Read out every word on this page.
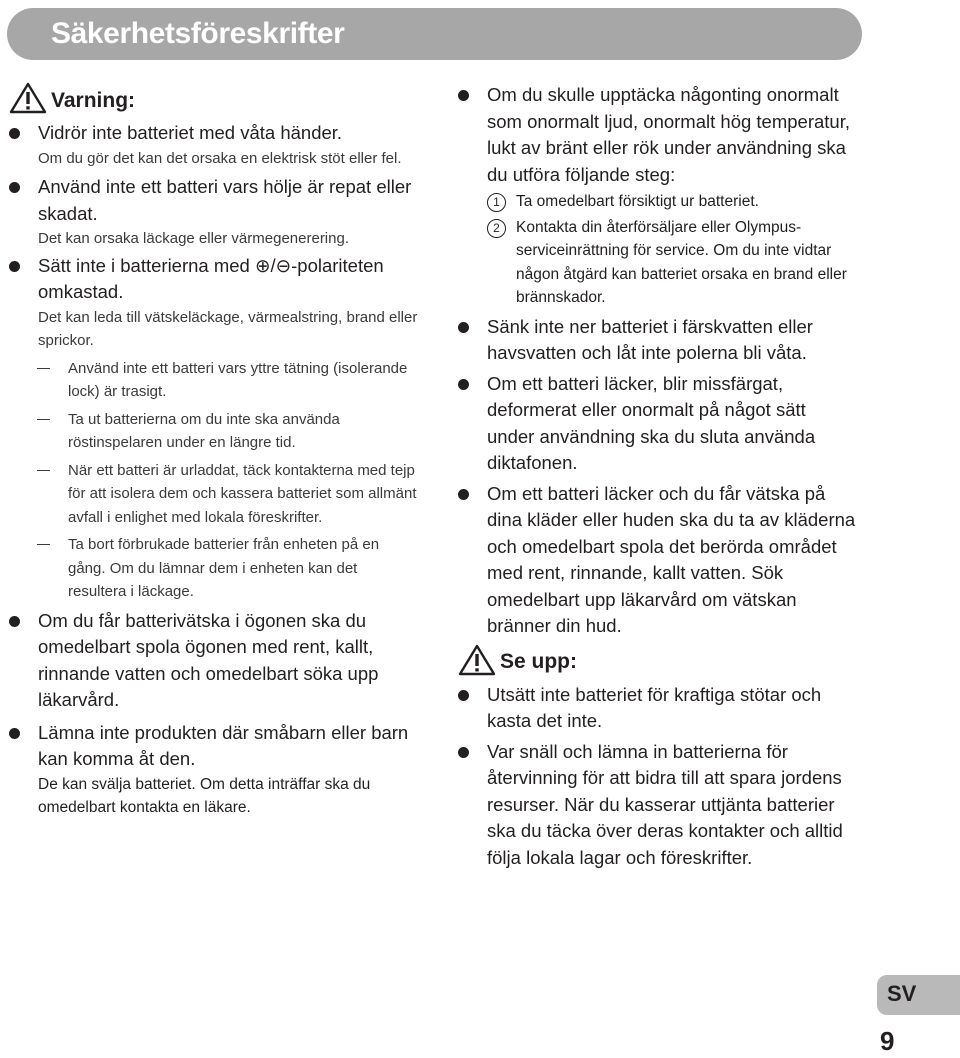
Säkerhetsföreskrifter
Varning:
Vidrör inte batteriet med våta händer.
Om du gör det kan det orsaka en elektrisk stöt eller fel.
Använd inte ett batteri vars hölje är repat eller skadat.
Det kan orsaka läckage eller värmegenerering.
Sätt inte i batterierna med ⊕/⊖-polariteten omkastad.
Det kan leda till vätskeläckage, värmealstring, brand eller sprickor.
Använd inte ett batteri vars yttre tätning (isolerande lock) är trasigt.
Ta ut batterierna om du inte ska använda röstinspelaren under en längre tid.
När ett batteri är urladdat, täck kontakterna med tejp för att isolera dem och kassera batteriet som allmänt avfall i enlighet med lokala föreskrifter.
Ta bort förbrukade batterier från enheten på en gång. Om du lämnar dem i enheten kan det resultera i läckage.
Om du får batterivätska i ögonen ska du omedelbart spola ögonen med rent, kallt, rinnande vatten och omedelbart söka upp läkarvård.
Lämna inte produkten där småbarn eller barn kan komma åt den.
De kan svälja batteriet. Om detta inträffar ska du omedelbart kontakta en läkare.
Om du skulle upptäcka någonting onormalt som onormalt ljud, onormalt hög temperatur, lukt av bränt eller rök under användning ska du utföra följande steg:
1	Ta omedelbart försiktigt ur batteriet.
2	Kontakta din återförsäljare eller Olympus-serviceinrättning för service. Om du inte vidtar någon åtgärd kan batteriet orsaka en brand eller brännskador.
Sänk inte ner batteriet i färskvatten eller havsvatten och låt inte polerna bli våta.
Om ett batteri läcker, blir missfärgat, deformerat eller onormalt på något sätt under användning ska du sluta använda diktafonen.
Om ett batteri läcker och du får vätska på dina kläder eller huden ska du ta av kläderna och omedelbart spola det berörda området med rent, rinnande, kallt vatten. Sök omedelbart upp läkarvård om vätskan bränner din hud.
Se upp:
Utsätt inte batteriet för kraftiga stötar och kasta det inte.
Var snäll och lämna in batterierna för återvinning för att bidra till att spara jordens resurser. När du kasserar uttjänta batterier ska du täcka över deras kontakter och alltid följa lokala lagar och föreskrifter.
SV
9
